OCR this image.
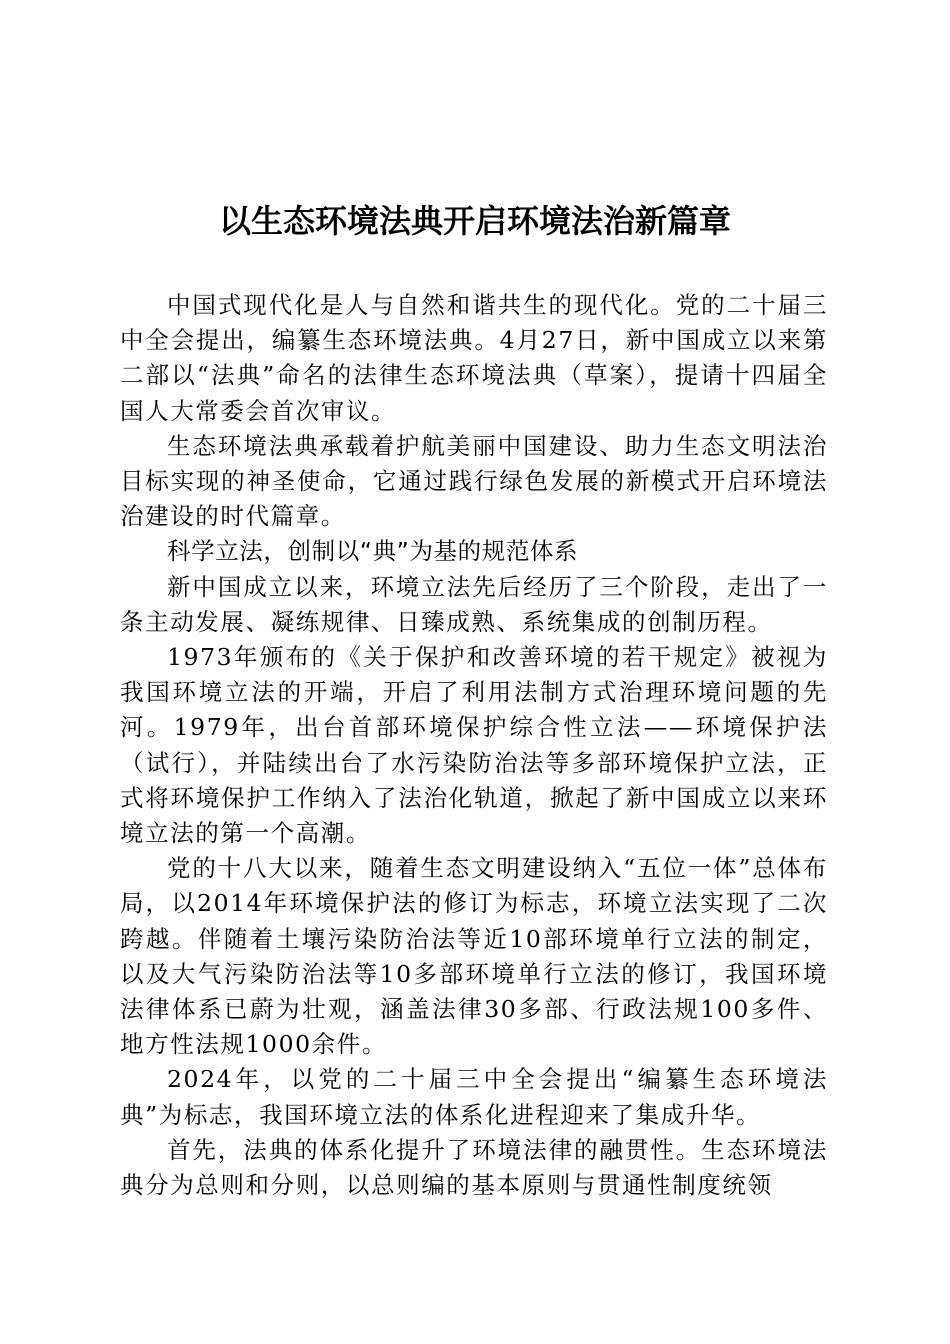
以生态环境法典开启环境法治新篇章

中国式现代化是人与自然和谐共生的现代化。党的二十届三中全会提出，编纂生态环境法典。4月27日，新中国成立以来第二部以“法典”命名的法律生态环境法典（草案），提请十四届全国人大常委会首次审议。

生态环境法典承载着护航美丽中国建设、助力生态文明法治目标实现的神圣使命，它通过践行绿色发展的新模式开启环境法治建设的时代篇章。

科学立法，创制以“典”为基的规范体系

新中国成立以来，环境立法先后经历了三个阶段，走出了一条主动发展、凝练规律、日臻成熟、系统集成的创制历程。

1973年颁布的《关于保护和改善环境的若干规定》被视为我国环境立法的开端，开启了利用法制方式治理环境问题的先河。1979年，出台首部环境保护综合性立法——环境保护法（试行），并陆续出台了水污染防治法等多部环境保护立法，正式将环境保护工作纳入了法治化轨道，掀起了新中国成立以来环境立法的第一个高潮。

党的十八大以来，随着生态文明建设纳入“五位一体”总体布局，以2014年环境保护法的修订为标志，环境立法实现了二次跨越。伴随着土壤污染防治法等近10部环境单行立法的制定，以及大气污染防治法等10多部环境单行立法的修订，我国环境法律体系已蔚为壮观，涵盖法律30多部、行政法规100多件、地方性法规1000余件。

2024年，以党的二十届三中全会提出“编纂生态环境法典”为标志，我国环境立法的体系化进程迎来了集成升华。

首先，法典的体系化提升了环境法律的融贯性。生态环境法典分为总则和分则，以总则编的基本原则与贯通性制度统领
